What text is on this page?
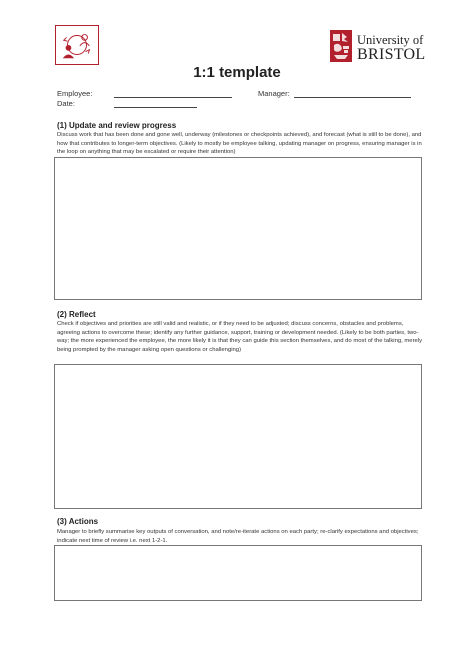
University of
BRISTOL
1:1 template
Employee:	Manager:
Date:
(1) Update and review progress
Discuss work that has been done and gone well, underway (milestones or checkpoints achieved), and forecast (what is still to be done), and how that contributes to longer-term objectives. (Likely to mostly be employee talking, updating manager on progress, ensuring manager is in the loop on anything that may be escalated or require their attention)
(2) Reflect
Check if objectives and priorities are still valid and realistic, or if they need to be adjusted; discuss concerns, obstacles and problems, agreeing actions to overcome these; identify any further guidance, support, training or development needed. (Likely to be both parties, two-way; the more experienced the employee, the more likely it is that they can guide this section themselves, and do most of the talking, merely being prompted by the manager asking open questions or challenging)
(3) Actions
Manager to briefly summarise key outputs of conversation, and note/re-iterate actions on each party; re-clarify expectations and objectives; indicate next time of review i.e. next 1-2-1.
